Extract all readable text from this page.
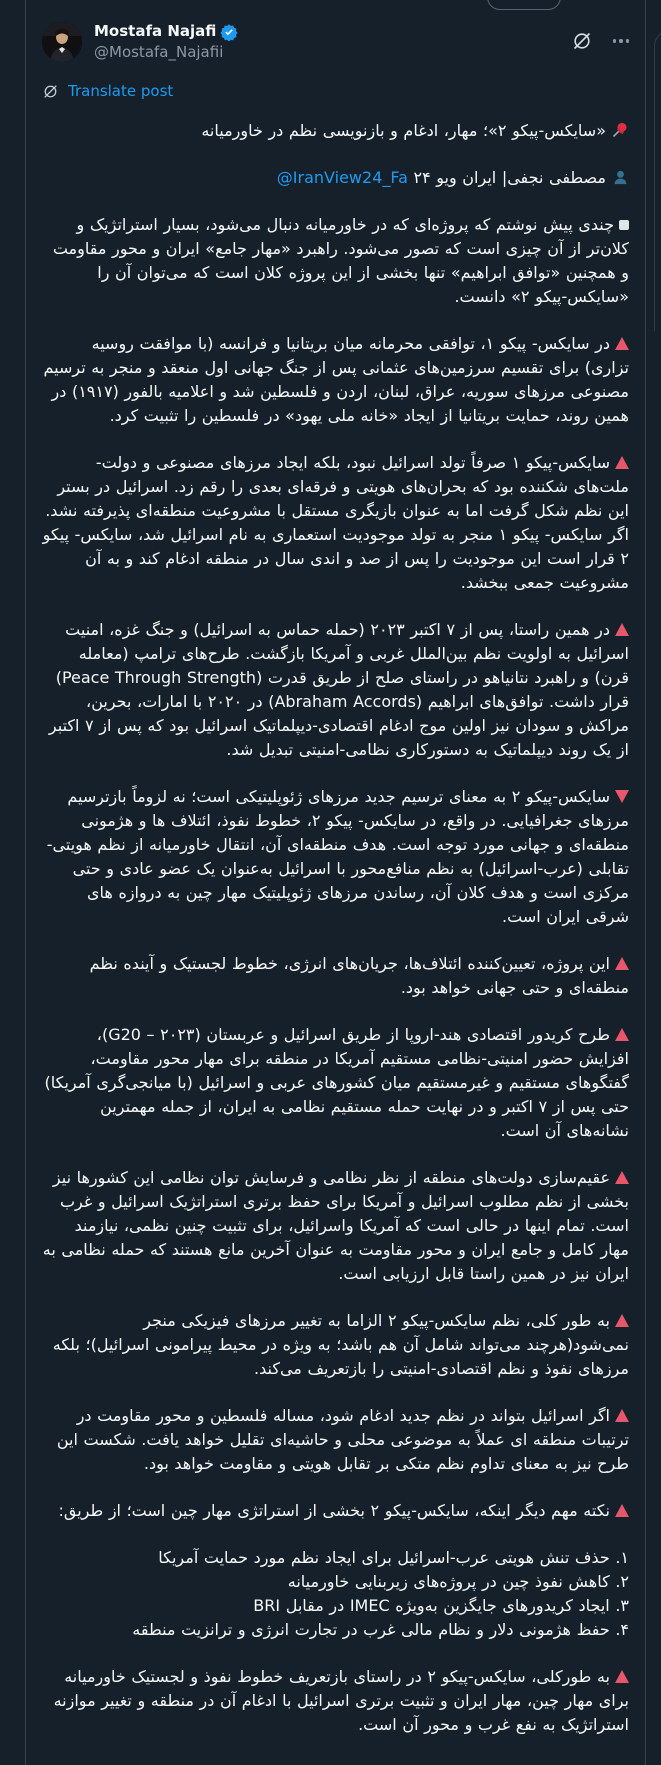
Mostafa Najafi
@Mostafa_Najafii
Translate post
«سایکس-پیکو ۲»؛ مهار، ادغام و بازنویسی نظم در خاورمیانه
مصطفی نجفی| ایران ویو ۲۴ @IranView24_Fa
چندی پیش نوشتم که پروژه‌ای که در خاورمیانه دنبال می‌شود، بسیار استراتژیک و کلان‌تر از آن چیزی است که تصور می‌شود. راهبرد «مهار جامع» ایران و محور مقاومت و همچنین «توافق ابراهیم» تنها بخشی از این پروژه کلان است که می‌توان آن را «سایکس-پیکو ۲» دانست.
در سایکس- پیکو ۱، توافقی محرمانه میان بریتانیا و فرانسه (با موافقت روسیه تزاری) برای تقسیم سرزمین‌های عثمانی پس از جنگ جهانی اول منعقد و منجر به ترسیم مصنوعی مرزهای سوریه، عراق، لبنان، اردن و فلسطین شد و اعلامیه بالفور (۱۹۱۷) در همین روند، حمایت بریتانیا از ایجاد «خانه ملی یهود» در فلسطین را تثبیت کرد.
سایکس-پیکو ۱ صرفاً تولد اسرائیل نبود، بلکه ایجاد مرزهای مصنوعی و دولت-ملت‌های شکننده بود که بحران‌های هویتی و فرقه‌ای بعدی را رقم زد. اسرائیل در بستر این نظم شکل گرفت اما به عنوان بازیگری مستقل با مشروعیت منطقه‌ای پذیرفته نشد. اگر سایکس- پیکو ۱ منجر به تولد موجودیت استعماری به نام اسرائیل شد، سایکس- پیکو ۲ قرار است این موجودیت را پس از صد و اندی سال در منطقه ادغام کند و به آن مشروعیت جمعی ببخشد.
در همین راستا، پس از ۷ اکتبر ۲۰۲۳ (حمله حماس به اسرائیل) و جنگ غزه، امنیت اسرائیل به اولویت نظم بین‌الملل غربی و آمریکا بازگشت. طرح‌های ترامپ (معامله قرن) و راهبرد نتانیاهو در راستای صلح از طریق قدرت (Peace Through Strength) قرار داشت. توافق‌های ابراهیم (Abraham Accords) در ۲۰۲۰ با امارات، بحرین، مراکش و سودان نیز اولین موج ادغام اقتصادی-دیپلماتیک اسرائیل بود که پس از ۷ اکتبر از یک روند دیپلماتیک به دستورکاری نظامی-امنیتی تبدیل شد.
سایکس-پیکو ۲ به معنای ترسیم جدید مرزهای ژئوپلیتیکی است؛ نه لزوماً بازترسیم مرزهای جغرافیایی. در واقع، در سایکس- پیکو ۲، خطوط نفوذ، ائتلاف ها و هژمونی منطقه‌ای و جهانی مورد توجه است. هدف منطقه‌ای آن، انتقال خاورمیانه از نظم هویتی-تقابلی (عرب-اسرائیل) به نظم منافع‌محور با اسرائیل به‌عنوان یک عضو عادی و حتی مرکزی است و هدف کلان آن، رساندن مرزهای ژئوپلیتیک مهار چین به دروازه های شرقی ایران است.
این پروژه، تعیین‌کننده ائتلاف‌ها، جریان‌های انرژی، خطوط لجستیک و آینده نظم منطقه‌ای و حتی جهانی خواهد بود.
طرح کریدور اقتصادی هند-اروپا از طریق اسرائیل و عربستان (۲۰۲۳ – G20)، افزایش حضور امنیتی-نظامی مستقیم آمریکا در منطقه برای مهار محور مقاومت، گفتگوهای مستقیم و غیرمستقیم میان کشورهای عربی و اسرائیل (با میانجی‌گری آمریکا) حتی پس از ۷ اکتبر و در نهایت حمله مستقیم نظامی به ایران، از جمله مهمترین نشانه‌های آن است.
عقیم‌سازی دولت‌های منطقه از نظر نظامی و فرسایش توان نظامی این کشورها نیز بخشی از نظم مطلوب اسرائیل و آمریکا برای حفظ برتری استراتژیک اسرائیل و غرب است. تمام اینها در حالی است که آمریکا واسرائیل، برای تثبیت چنین نظمی، نیازمند مهار کامل و جامع ایران و محور مقاومت به عنوان آخرین مانع هستند که حمله نظامی به ایران نیز در همین راستا قابل ارزیابی است.
به طور کلی، نظم سایکس-پیکو ۲ الزاما به تغییر مرزهای فیزیکی منجر نمی‌شود(هرچند می‌تواند شامل آن هم باشد؛ به ویژه در محیط پیرامونی اسرائیل)؛ بلکه مرزهای نفوذ و نظم اقتصادی-امنیتی را بازتعریف می‌کند.
اگر اسرائیل بتواند در نظم جدید ادغام شود، مساله فلسطین و محور مقاومت در ترتیبات منطقه ای عملاً به موضوعی محلی و حاشیه‌ای تقلیل خواهد یافت. شکست این طرح نیز به معنای تداوم نظم متکی بر تقابل هویتی و مقاومت خواهد بود.
نکته مهم دیگر اینکه، سایکس-پیکو ۲ بخشی از استراتژی مهار چین است؛ از طریق:
۱. حذف تنش هویتی عرب-اسرائیل برای ایجاد نظم مورد حمایت آمریکا
۲. کاهش نفوذ چین در پروژه‌های زیربنایی خاورمیانه
۳. ایجاد کریدورهای جایگزین به‌ویژه IMEC در مقابل BRI
۴. حفظ هژمونی دلار و نظام مالی غرب در تجارت انرژی و ترانزیت منطقه
به طورکلی، سایکس-پیکو ۲ در راستای بازتعریف خطوط نفوذ و لجستیک خاورمیانه برای مهار چین، مهار ایران و تثبیت برتری اسرائیل با ادغام آن در منطقه و تغییر موازنه استراتژیک به نفع غرب و محور آن است.
